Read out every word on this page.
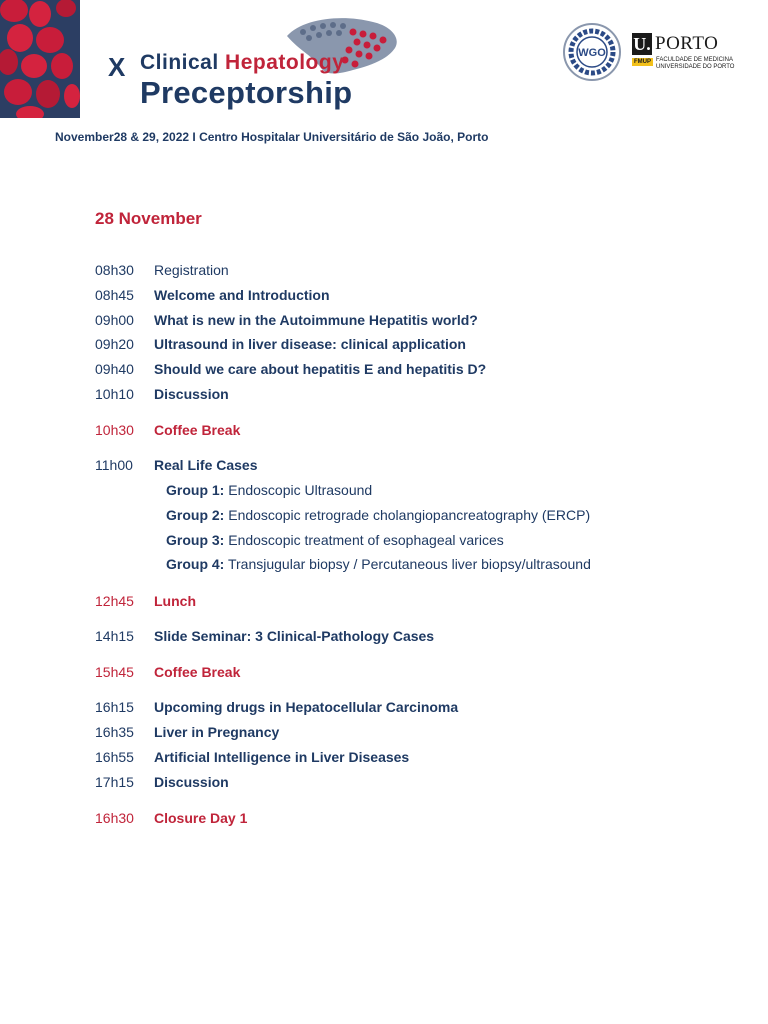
X Clinical Hepatology
Preceptorship
WGO U. PORTO
FMUP FACULDADE DE MEDICINA
UNIVERSIDADE DO PORTO
November28 & 29, 2022 I Centro Hospitalar Universitário de São João, Porto
28 November
08h30	Registration
08h45	Welcome and Introduction
09h00	What is new in the Autoimmune Hepatitis world?
09h20	Ultrasound in liver disease: clinical application
09h40	Should we care about hepatitis E and hepatitis D?
10h10	Discussion
10h30	Coffee Break
11h00	Real Life Cases
Group 1: Endoscopic Ultrasound
Group 2: Endoscopic retrograde cholangiopancreatography (ERCP)
Group 3: Endoscopic treatment of esophageal varices
Group 4: Transjugular biopsy / Percutaneous liver biopsy/ultrasound
12h45	Lunch
14h15	Slide Seminar: 3 Clinical-Pathology Cases
15h45	Coffee Break
16h15	Upcoming drugs in Hepatocellular Carcinoma
16h35	Liver in Pregnancy
16h55	Artificial Intelligence in Liver Diseases
17h15	Discussion
16h30	Closure Day 1
